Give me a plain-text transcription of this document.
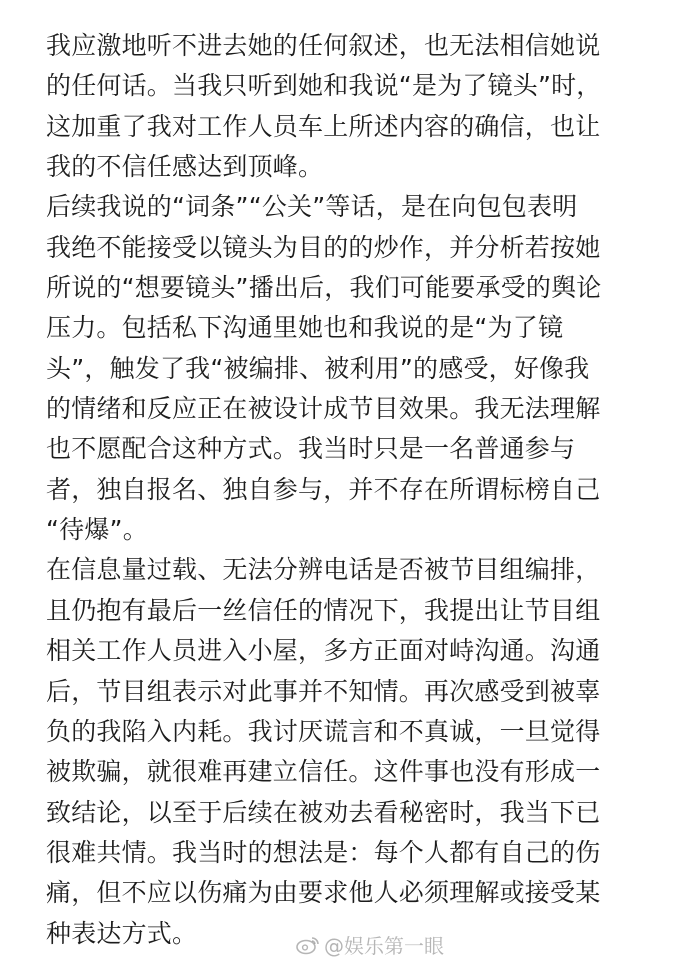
我应激地听不进去她的任何叙述，也无法相信她说
的任何话。当我只听到她和我说“是为了镜头”时，
这加重了我对工作人员车上所述内容的确信，也让
我的不信任感达到顶峰。
后续我说的“词条”“公关”等话，是在向包包表明
我绝不能接受以镜头为目的的炒作，并分析若按她
所说的“想要镜头”播出后，我们可能要承受的舆论
压力。包括私下沟通里她也和我说的是“为了镜
头”，触发了我“被编排、被利用”的感受，好像我
的情绪和反应正在被设计成节目效果。我无法理解
也不愿配合这种方式。我当时只是一名普通参与
者，独自报名、独自参与，并不存在所谓标榜自己
“待爆”。
在信息量过载、无法分辨电话是否被节目组编排，
且仍抱有最后一丝信任的情况下，我提出让节目组
相关工作人员进入小屋，多方正面对峙沟通。沟通
后，节目组表示对此事并不知情。再次感受到被辜
负的我陷入内耗。我讨厌谎言和不真诚，一旦觉得
被欺骗，就很难再建立信任。这件事也没有形成一
致结论，以至于后续在被劝去看秘密时，我当下已
很难共情。我当时的想法是：每个人都有自己的伤
痛，但不应以伤痛为由要求他人必须理解或接受某
种表达方式。	@娱乐第一眼
